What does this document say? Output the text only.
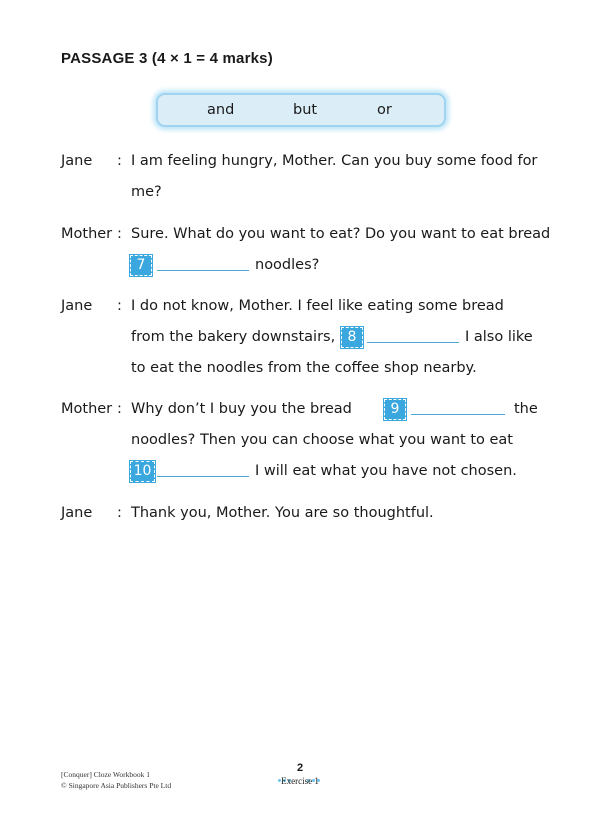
PASSAGE 3 (4 × 1 = 4 marks)
and	but	or
Jane : I am feeling hungry, Mother. Can you buy some food for
me?
Mother : Sure. What do you want to eat? Do you want to eat bread
7	noodles?
Jane : I do not know, Mother. I feel like eating some bread
from the bakery downstairs, 8	I also like
to eat the noodles from the coffee shop nearby.
Mother : Why don’t I buy you the bread	9	the
noodles? Then you can choose what you want to eat
10	I will eat what you have not chosen.
Jane : Thank you, Mother. You are so thoughtful.
[Conquer] Cloze Workbook 1
© Singapore Asia Publishers Pte Ltd
2
Exercise 1
